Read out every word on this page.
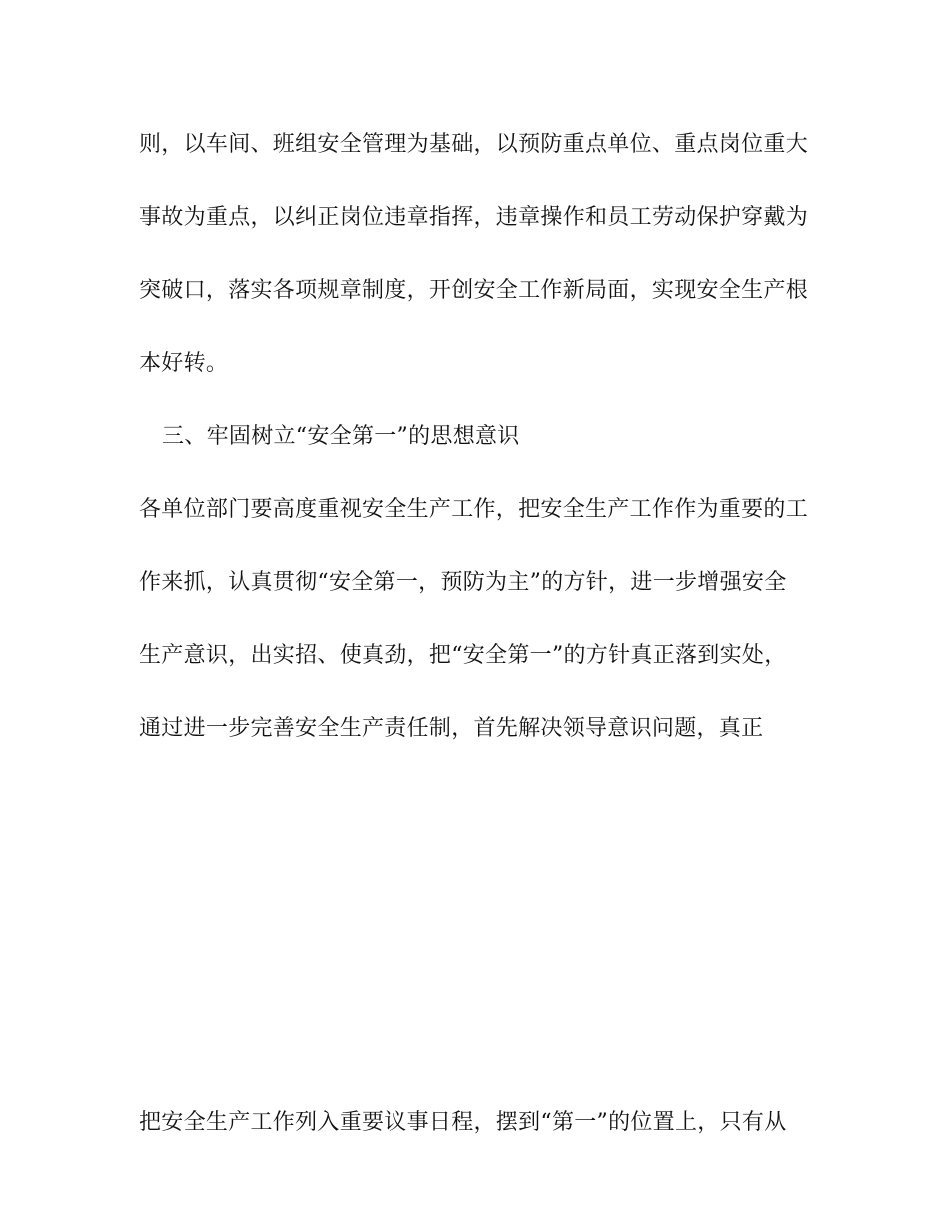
则，以车间、班组安全管理为基础，以预防重点单位、重点岗位重大
事故为重点，以纠正岗位违章指挥，违章操作和员工劳动保护穿戴为
突破口，落实各项规章制度，开创安全工作新局面，实现安全生产根
本好转。
三、牢固树立“安全第一”的思想意识
各单位部门要高度重视安全生产工作，把安全生产工作作为重要的工
作来抓，认真贯彻“安全第一，预防为主”的方针，进一步增强安全
生产意识，出实招、使真劲，把“安全第一”的方针真正落到实处，
通过进一步完善安全生产责任制，首先解决领导意识问题，真正
把安全生产工作列入重要议事日程，摆到“第一”的位置上，只有从
